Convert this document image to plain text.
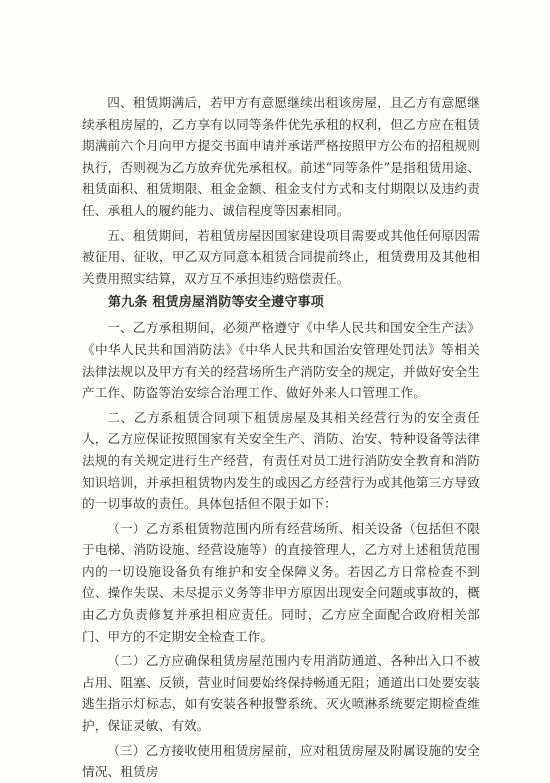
四、租赁期满后，若甲方有意愿继续出租该房屋，且乙方有意愿继续承租房屋的，乙方享有以同等条件优先承租的权利，但乙方应在租赁期满前六个月向甲方提交书面申请并承诺严格按照甲方公布的招租规则执行，否则视为乙方放弃优先承租权。前述“同等条件”是指租赁用途、租赁面积、租赁期限、租金金额、租金支付方式和支付期限以及违约责任、承租人的履约能力、诚信程度等因素相同。

五、租赁期间，若租赁房屋因国家建设项目需要或其他任何原因需被征用、征收，甲乙双方同意本租赁合同提前终止，租赁费用及其他相关费用照实结算，双方互不承担违约赔偿责任。

第九条 租赁房屋消防等安全遵守事项

一、乙方承租期间，必须严格遵守《中华人民共和国安全生产法》《中华人民共和国消防法》《中华人民共和国治安管理处罚法》等相关法律法规以及甲方有关的经营场所生产消防安全的规定，并做好安全生产工作、防盗等治安综合治理工作、做好外来人口管理工作。

二、乙方系租赁合同项下租赁房屋及其相关经营行为的安全责任人，乙方应保证按照国家有关安全生产、消防、治安、特种设备等法律法规的有关规定进行生产经营，有责任对员工进行消防安全教育和消防知识培训，并承担租赁物内发生的或因乙方经营行为或其他第三方导致的一切事故的责任。具体包括但不限于如下：

（一）乙方系租赁物范围内所有经营场所、相关设备（包括但不限于电梯、消防设施、经营设施等）的直接管理人，乙方对上述租赁范围内的一切设施设备负有维护和安全保障义务。若因乙方日常检查不到位、操作失误、未尽提示义务等非甲方原因出现安全问题或事故的，概由乙方负责修复并承担相应责任。同时，乙方应全面配合政府相关部门、甲方的不定期安全检查工作。

（二）乙方应确保租赁房屋范围内专用消防通道、各种出入口不被占用、阻塞、反锁，营业时间要始终保持畅通无阻；通道出口处要安装逃生指示灯标志，如有安装各种报警系统、灭火喷淋系统要定期检查维护，保证灵敏、有效。

（三）乙方接收使用租赁房屋前，应对租赁房屋及附属设施的安全情况、租赁房
